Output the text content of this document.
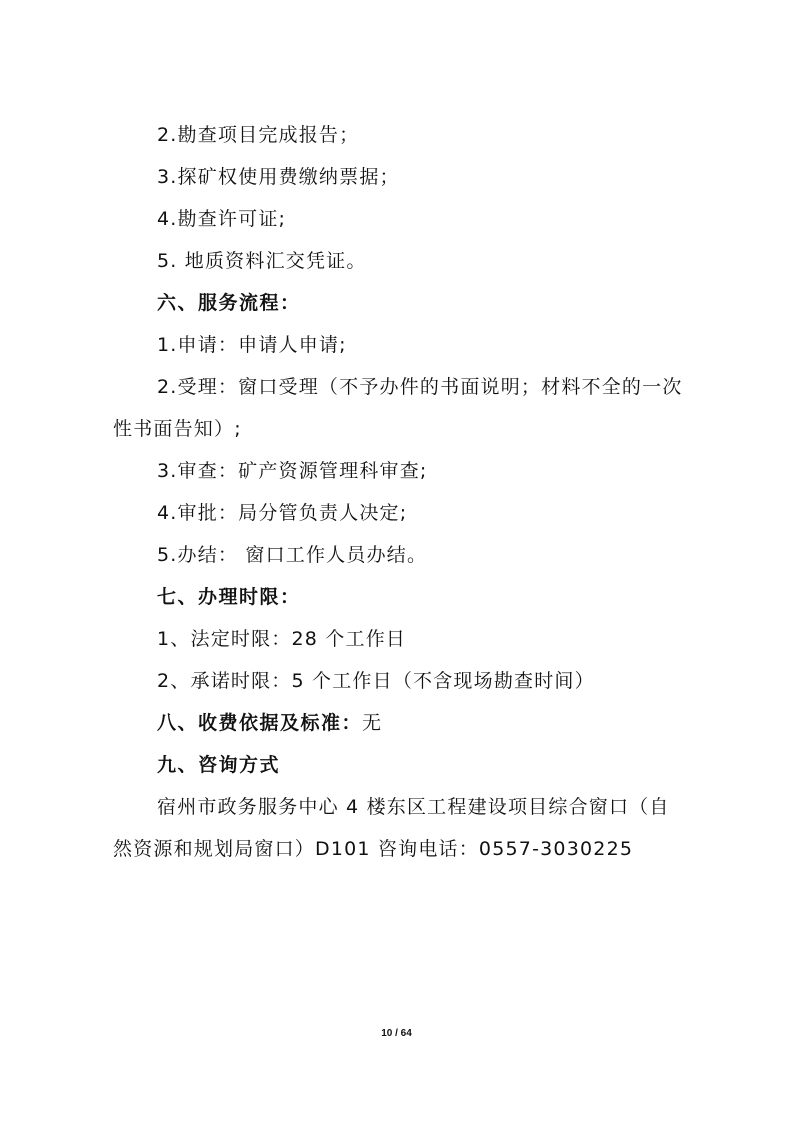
2.勘查项目完成报告；
3.探矿权使用费缴纳票据；
4.勘查许可证;
5. 地质资料汇交凭证。
六、服务流程：
1.申请：申请人申请;
2.受理：窗口受理（不予办件的书面说明；材料不全的一次
性书面告知）;
3.审查：矿产资源管理科审查;
4.审批：局分管负责人决定;
5.办结： 窗口工作人员办结。
七、办理时限：
1、法定时限：28 个工作日
2、承诺时限：5 个工作日（不含现场勘查时间）
八、收费依据及标准：无
九、咨询方式
宿州市政务服务中心 4 楼东区工程建设项目综合窗口（自
然资源和规划局窗口）D101 咨询电话：0557-3030225
10 / 64
